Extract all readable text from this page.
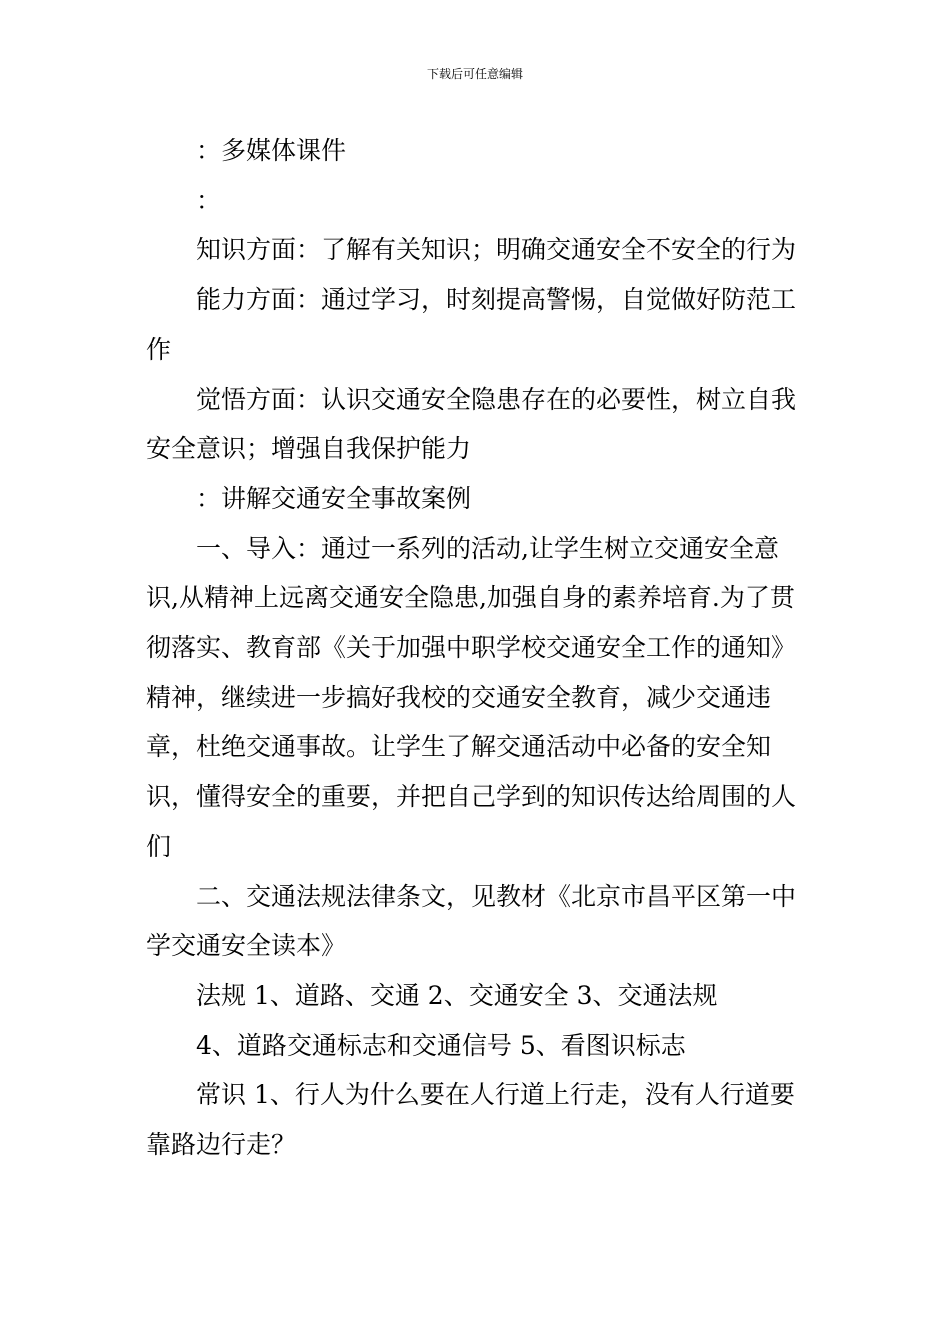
下载后可任意编辑

：多媒体课件

：

知识方面：了解有关知识；明确交通安全不安全的行为

能力方面：通过学习，时刻提高警惕，自觉做好防范工作

觉悟方面：认识交通安全隐患存在的必要性，树立自我安全意识；增强自我保护能力

：讲解交通安全事故案例

一、导入：通过一系列的活动,让学生树立交通安全意识,从精神上远离交通安全隐患,加强自身的素养培育.为了贯彻落实、教育部《关于加强中职学校交通安全工作的通知》精神，继续进一步搞好我校的交通安全教育，减少交通违章，杜绝交通事故。让学生了解交通活动中必备的安全知识，懂得安全的重要，并把自己学到的知识传达给周围的人们

二、交通法规法律条文，见教材《北京市昌平区第一中学交通安全读本》

法规 1、道路、交通 2、交通安全 3、交通法规

4、道路交通标志和交通信号 5、看图识标志

常识 1、行人为什么要在人行道上行走，没有人行道要靠路边行走？
